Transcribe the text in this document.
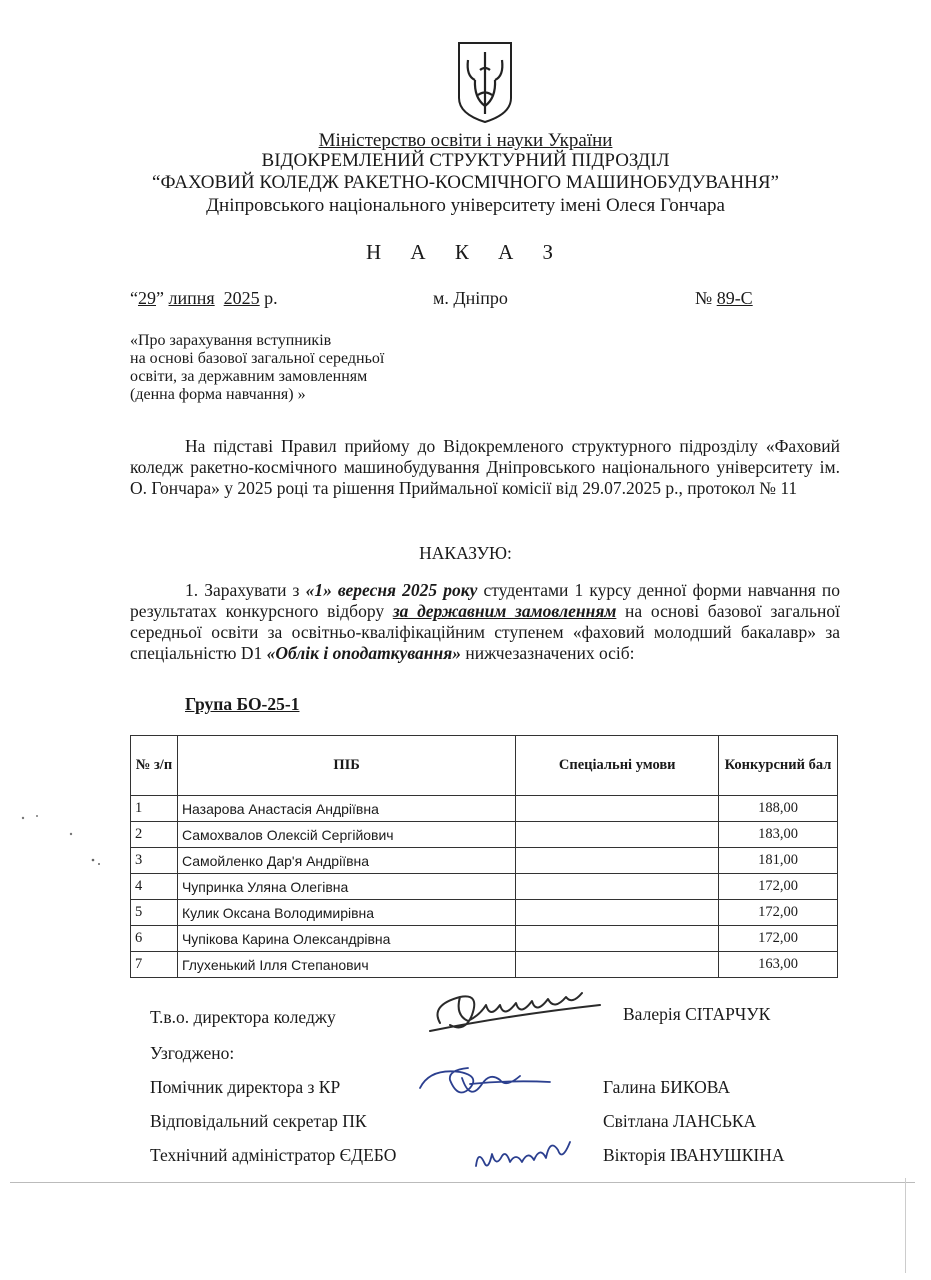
Міністерство освіти і науки України
ВІДОКРЕМЛЕНИЙ СТРУКТУРНИЙ ПІДРОЗДІЛ
“ФАХОВИЙ КОЛЕДЖ РАКЕТНО-КОСМІЧНОГО МАШИНОБУДУВАННЯ”
Дніпровського національного університету імені Олеся Гончара
Н А К А З
“29” липня 2025 р.	м. Дніпро	№ 89-С
«Про зарахування вступників
на основі базової загальної середньої
освіти, за державним замовленням
(денна форма навчання) »
На підставі Правил прийому до Відокремленого структурного підрозділу «Фаховий коледж ракетно-космічного машинобудування Дніпровського національного університету ім. О. Гончара» у 2025 році та рішення Приймальної комісії від 29.07.2025 р., протокол № 11
НАКАЗУЮ:
1. Зарахувати з «1» вересня 2025 року студентами 1 курсу денної форми навчання по результатах конкурсного відбору за державним замовленням на основі базової загальної середньої освіти за освітньо-кваліфікаційним ступенем «фаховий молодший бакалавр» за спеціальністю D1 «Облік і оподаткування» нижчезазначених осіб:
Група БО-25-1
№ з/п	ПІБ	Спеціальні умови	Конкурсний бал
1	Назарова Анастасія Андріївна		188,00
2	Самохвалов Олексій Сергійович		183,00
3	Самойленко Дар'я Андріївна		181,00
4	Чупринка Уляна Олегівна		172,00
5	Кулик Оксана Володимирівна		172,00
6	Чупікова Карина Олександрівна		172,00
7	Глуxенький Ілля Степанович		163,00
Т.в.о. директора коледжу	Валерія СІТАРЧУК
Узгоджено:
Помічник директора з КР	Галина БИКОВА
Відповідальний секретар ПК	Світлана ЛАНСЬКА
Технічний адміністратор ЄДЕБО	Вікторія ІВАНУШКІНА
